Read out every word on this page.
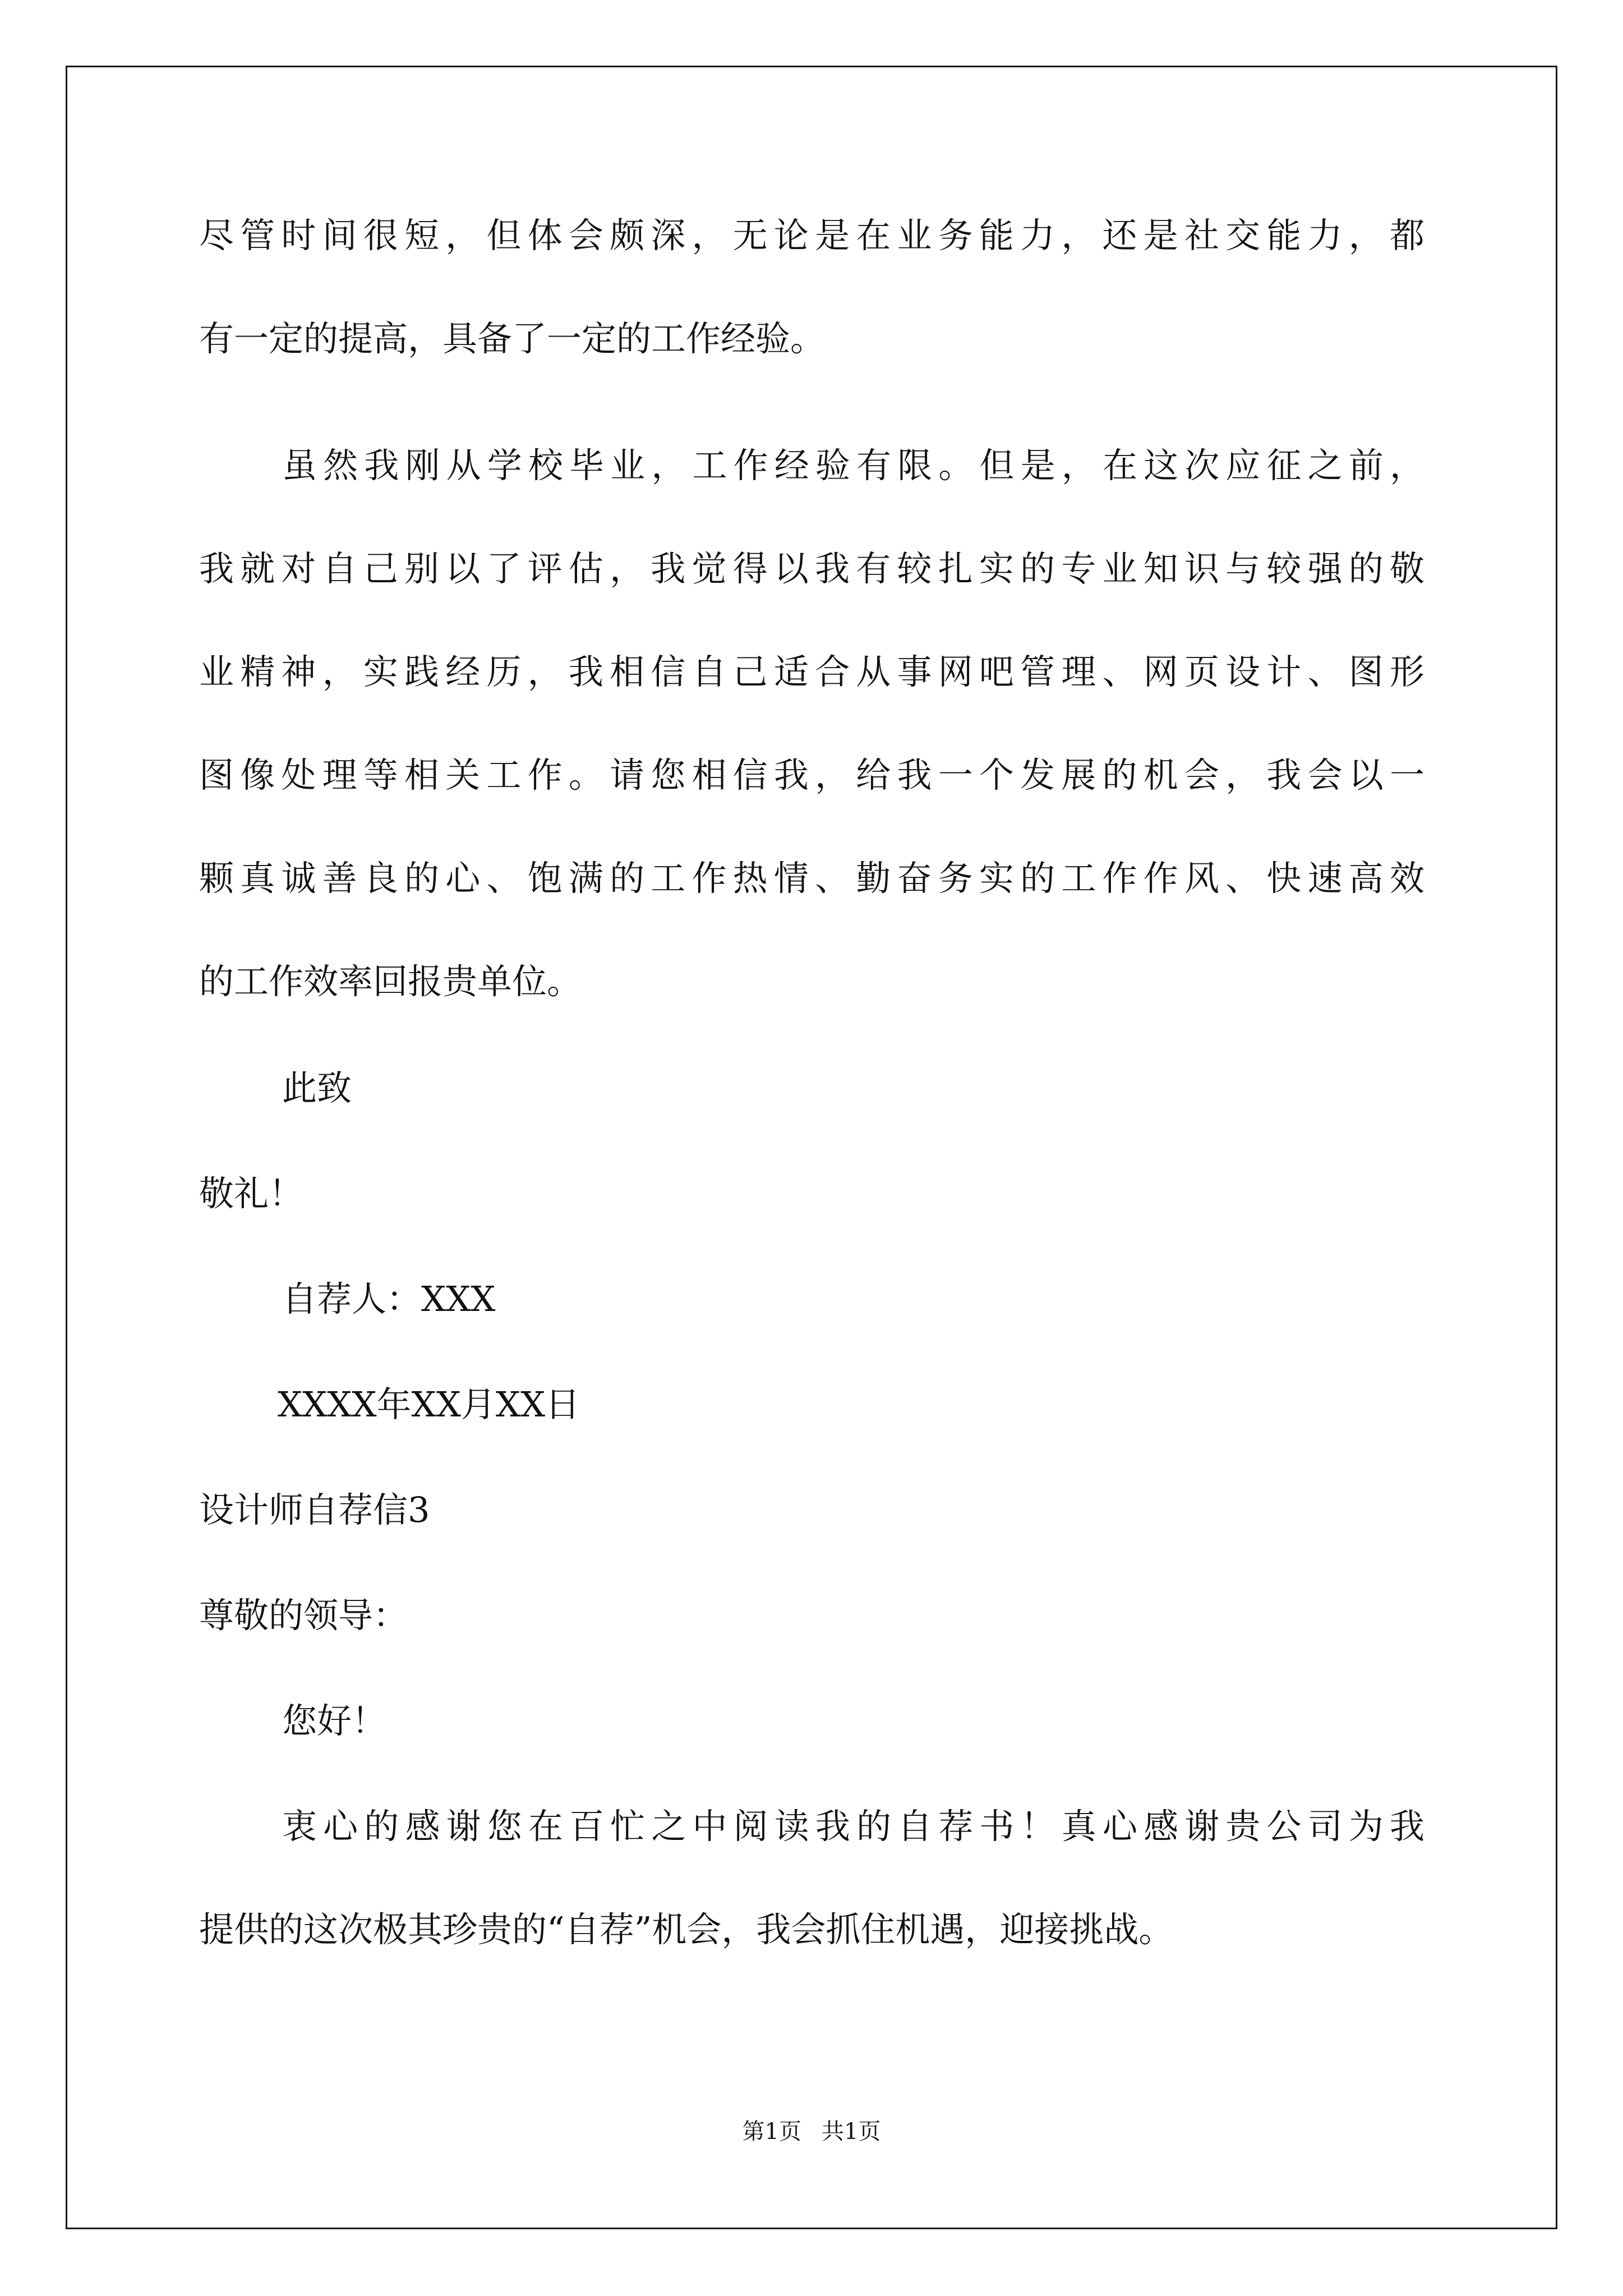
尽管时间很短，但体会颇深，无论是在业务能力，还是社交能力，都
有一定的提高，具备了一定的工作经验。
虽然我刚从学校毕业，工作经验有限。但是，在这次应征之前，
我就对自己别以了评估，我觉得以我有较扎实的专业知识与较强的敬
业精神，实践经历，我相信自己适合从事网吧管理、网页设计、图形
图像处理等相关工作。请您相信我，给我一个发展的机会，我会以一
颗真诚善良的心、饱满的工作热情、勤奋务实的工作作风、快速高效
的工作效率回报贵单位。
此致
敬礼！
自荐人：XXX
XXXX年XX月XX日
设计师自荐信3
尊敬的领导：
您好！
衷心的感谢您在百忙之中阅读我的自荐书！真心感谢贵公司为我
提供的这次极其珍贵的“自荐”机会，我会抓住机遇，迎接挑战。
第1页 共1页
